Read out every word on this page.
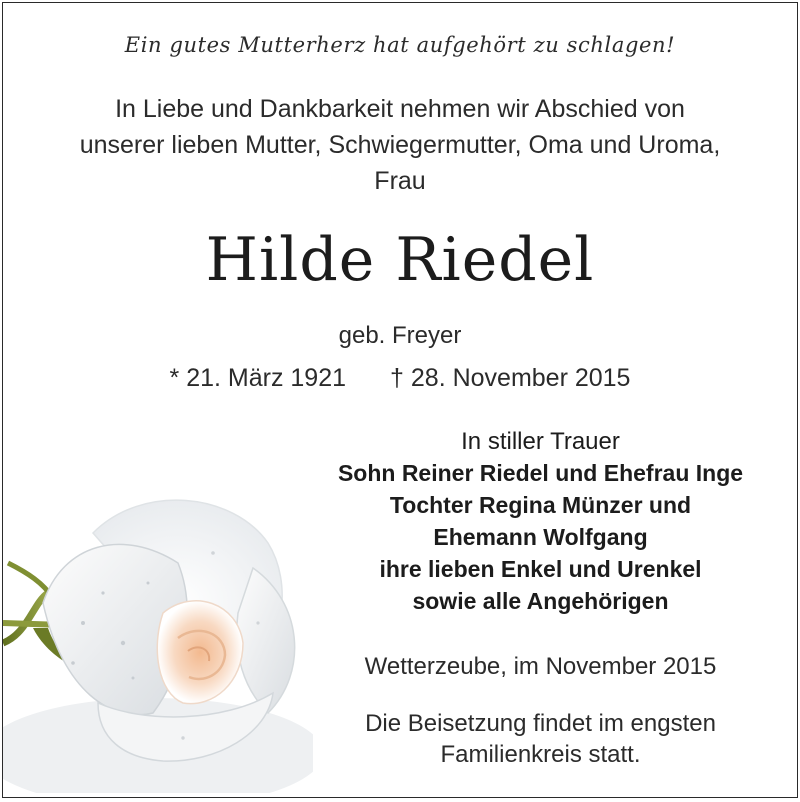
Ein gutes Mutterherz hat aufgehört zu schlagen!
In Liebe und Dankbarkeit nehmen wir Abschied von
unserer lieben Mutter, Schwiegermutter, Oma und Uroma,
Frau
Hilde Riedel
geb. Freyer
* 21. März 1921 † 28. November 2015
In stiller Trauer
Sohn Reiner Riedel und Ehefrau Inge
Tochter Regina Münzer und
Ehemann Wolfgang
ihre lieben Enkel und Urenkel
sowie alle Angehörigen
Wetterzeube, im November 2015
Die Beisetzung findet im engsten
Familienkreis statt.
